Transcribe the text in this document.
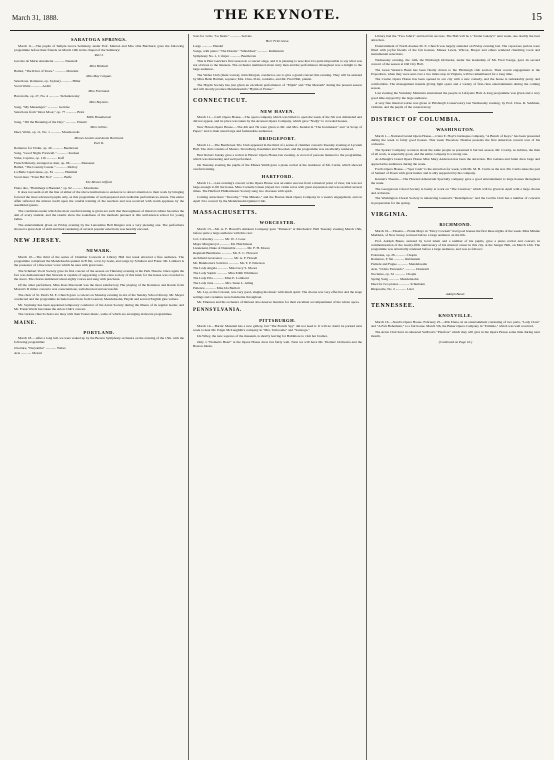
March 31, 1888.	THE KEYNOTE.	15
SARATOGA SPRINGS.
March 11.—The pupils of Temple Grove Seminary, under Prof. Manton and Mrs. Otis Burchard, gave the following programme before their friends on March 10th in the chapel of the Seminary:
Part I.
Gavotte de Marie Antoinette ............ Neustedt
Miss Birdsall.
Ballad, "The River of Years." ............ Marzials
Miss May Colgate.
Selections, Romance, op. 6 (duet) ............ Hiller
Vocal Waltz ............ Arditi
Miss Forehand.
Barcarolle, op. 27, No. 4 ............ Tschaikowsky
Miss Boynton.
Song, "My Messenger." ............ Gericke
Selections from "Once Moor," op. 77 ............ Briot
Edith Broadwood.
Song, "Till the Breaking of the Day." ............ Pinsuti
Miss Gillies.
Duet, Waltz, op. 11, No. 1 ............ Moszkowski
Misses Loomis and Annie Burchard.
Part II.
Romance for Violin, op. 40 ............ Beethoven
Song, "Good Night, Farewell." ............ Kucken
Valse, Caprice, op. 116 ............ Raff
French Melody, arranged as duet, op. 66 ............ Massenet
Ballad, "The Country Lassie." ............ Molloy
La Belle Capricieuse, op. 81 ............ Hummel
Vocal duet, "Trust Her Not" ............ Balfe
The Misses Gifford.
Piano duo, "Hommage à Haendel," op. 92 ............ Moscheles
It does not seem at all the line of either of the above institutions to endeavor to attract attention to their work by bringing forward the most advanced pupils only, as this programme of well-prepared and creditable performances attests. The entire affair reflected the utmost credit upon the careful training of the teachers and was received with warm applause by the assembled guests.
The conditions under which the most careful training is given are such that thoroughness of musical culture becomes the aim of every student, and the results show the soundness of the methods pursued at this well-known school for young ladies.
The entertainment given on Friday evening by the Lancashire Bell Ringers was a very pleasing one. The performers showed a great deal of skill and their rendering of several popular selections was heartily encored.
NEW JERSEY.
NEWARK.
March 10.—The third of the series of Chamber Concerts at Library Hall last week attracted a fine audience. The programme comprised the Mendelssohn quintet in B flat, a trio by Gade, and songs by Schubert and Franz. Mr. Lambert is the possessor of a fine tenor voice which he uses with great taste.
The Schubert Vocal Society gave its first concert of the season on Thursday evening at the Park Theatre. Once again the fact was demonstrated that Newark is capable of supporting a first-class society of this kind, for the house was crowded to the doors. The chorus numbered about eighty voices and sang with precision.
Of the other performers, Miss Ross Maconald was the most satisfactory. Her playing of the Romance and Rondo from Mozart's D minor concerto was conscientious, well-directed and successful.
The choir of St. Paul's M. E. Church gave a concert on Monday evening in aid of the Sunday School library. Mr. Meyer conducted and the programme included selections from Gounod, Mendelssohn, Haydn and several English glee writers.
Mr. Sayinsky has been appointed temporary conductor of the Arion Society during the illness of its regular leader, and Mr. Frank Wards has taken the Arion Club's concert.
The various church choirs are busy with their Easter music, some of which are arranging elaborate programmes.
MAINE.
PORTLAND.
March 18.—After a long lull, we were waked up by the Boston Symphony orchestra on the evening of the 15th, with the following programme:
Overture, "Euryanthe" ............ Weber
Aria ............ Mozart
Solo for 'cello, "Le Desir." ............ Servais
Herr Fritz Giese.
Largo ............ Handel
Songs, with piano: "The Dream," "Ständchen" ............ Rubinstein
Symphony No. 1, C major ............ Beethoven
This is Herr Gericke's first season in a concert stage, and it is pleasing to note that it is quite impossible to say what was not obvious to the listeners. The orchestra numbered about sixty men and the performance throughout was a delight to the large audience.
The Weber Club (male voices), John Morgan, conductor, are to give a grand concert this evening. They will be assisted by Miss Belle Bartlett, soprano; Mrs. Chas. Pratt, contralto, and Mr. Fred Hall, pianist.
The Haydn Society has just given an excellent performance of "Elijah" and "The Messiah" during the present season and will shortly produce Mendelssohn's "Hymn of Praise."
CONNECTICUT.
NEW HAVEN.
March 11.—Carll Opera House.—The opera company which was billed to open the week of the 5th was disbanded and did not appear, and its place was taken by the Aronson Opera Company, which gave "Nadjy" to crowded houses.
New Haven Opera House.—The 4th and 7th were given to Mr. and Mrs. Kendal in "The Ironmaster" and "A Scrap of Paper," and to their usual large and fashionable audiences.
BRIDGEPORT.
March 11.—The Beethoven Trio Club appeared in the third of a series of chamber concerts Tuesday evening at Lyceum Hall. The club consists of Messrs. Strondberg, Kaemmer and Stoeckel, and the programme was excellently rendered.
Herr Robert Jonsky gave a recital at Hawes' Opera House last evening. A crowd of persons listened to the programme, which was interesting and well performed.
On Tuesday evening the pupils of the Misses Smith gave a piano recital at the residence of Mr. Curtis, which showed careful training.
HARTFORD.
March 11.—Last evening's concert at the Opera House was an entire success from a musical point of view, but was not large enough to fill the house. Miss Cornelia Unsen played two violin solos with great expression and was recalled several times. The Hartford Philharmonic Society sang two choruses with spirit.
Coming attractions: "Dorothy," "The Mikado," and the Boston Ideal Opera Company in a week's engagement, and on April 3d a concert by the Mendelssohn Quintet Club.
MASSACHUSETTS.
WORCESTER.
March 13.—Mr. A. F. Howell's Amateur Company gave "Patience" at Mechanics' Hall Tuesday evening March 13th, before quite a large audience with this cast:
Col. Calverley ............ Mr. W. J. Goss
Major Murgatroyd ............ Mr. Hutchinson
Lieutenant, Duke of Dunstable ............ Mr. F. H. Moore
Reginald Bunthorne ............ Mr. E. C. Howard
Archibald Grosvenor ............ Mr. A. F. Howell
Mr. Bunthorne's Solicitor ............ Mr. T. P. Emerson
The Lady Angela ............ Miss Lucy S. Moore
The Lady Saphir ............ Miss Edith Whitmore
The Lady Ella ............ Miss E. Lombard
The Lady Jane ............ Mrs. Susie L. Alling
Patience ............ Miss Ida Bartlett
Mr. Lay, as the Colonel, was very good, singing his music with much spirit. The chorus was very effective and the stage settings and costumes were handsome throughout.
Mr. Emerson and his orchestra of thirteen also deserve mention for their excellent accompaniment of the whole opera.
PENNSYLVANIA.
PITTSBURGH.
March 14.—Barrie' Museum has a new gallery, but "The French Spy" did not need it. It will no doubt be packed next week to hear Mr. Edgar McLaughlin's company in "Mrs. Tallcoame" and "Saratoga."
Ida Wiley, the new soprano of the museum, is shortly leaving for Baltimore to visit her brother.
Only a "Woman's Heart" at the Opera House drew but fairly well. Next we will have Mr. Thomas' Orchestra and the Boston Ideals.
Library had the "Two John's" and had fair success. The Hall will be a "Under Gaiety's" next week, one doubly the best attraction.
Entertainment of North Avenue M. E. Church was largely attended on Friday evening last. The capacious parlors were filled with joyful friends of the fair hostess. Misses Lewis, Wilcox, Breyer and others rendered charming vocal and instrumental selections.
Wednesday evening, the 14th, the Pittsburgh Orchestra, under the leadership of Mr. Fred Toerge, gave its second concert of the season at Old City Hall.
The Great Western Band has been finally drawn to the Pittsburgh club section. Their recent engagement at the Exposition, when they were sent over a two miles stop in Virginia, will be remembered for a long time.
The Casino Opera House has been opened in our city with a new comedy, and the house is remarkably pretty and comfortable. The management intends giving light opera and a variety of first-class entertainments during the coming season.
Last evening the Swinkley Minstrels entertained the people at Lafayette Hall. A long programme was given and a very good time enjoyed by the large audience.
A very fine musical soirée was given at Pittsburgh Conservatory last Wednesday evening, by Prof. Chas. R. Seidman, violinist, and the pupils of the conservatory.
DISTRICT OF COLUMBIA.
WASHINGTON.
March 1.—National Grand Opera House.—Clara E. Hoyt's burlesque company, "A Bunch of Keys," has been presented during the week to fairly good houses. This week Theodore Thomas presents the first American concert tour of his orchestra.
The Sparks' Company occasion about the same people as presented it but last season. Mr. Crosby, as Grimes, the man of all work, is especially good, and the entire company is a strong one.
At Albaugh's Grand Opera House Miss Mary Anderson has been the attraction. Her Galatea and Juliet drew large and appreciative audiences during the week.
Ford's Opera House.—"Spot Cash" is the attraction for week, with Mr. M. B. Curtis as the star. Mr. Curtis takes the part of Samuel of Posen with great humor and is ably supported by his company.
Kernan's Theatre.—The Howard Athenæum Specialty company gave a good entertainment to large houses throughout the week.
The Georgetown Choral Society is busily at work on "The Creation," which will be given in April with a large chorus and orchestra.
The Washington Choral Society is rehearsing Gounod's "Redemption," and the Cecilia Club has a number of concerts in preparation for the spring.
VIRGINIA.
RICHMOND.
March 16.—Theatre.—Frank Mayo in "Davy Crockett" had good houses the first three nights of the week. Miss Minnie Maddern, of New Jersey, lectured before a large audience on the 6th.
Prof. Adolph Bauer, assisted by local talent and a number of his pupils, gave a piano recital and concert, in commemoration of the twenty-fifth anniversary of his musical career in this city, at the Sanger Hall, on March 12th. The programme was artistically rendered before a large audience, and was as follows:
Polonaise, op. 26 ............ Chopin
Romance, E flat ............ Rubinstein
Prelude and Fugue ............ Mendelssohn
Aria, "O mio Fernando" ............ Donizetti
Nocturne, op. 32 ............ Chopin
Spring Song ............ Mendelssohn
Duet for two pianos ............ Schumann
Rhapsodie, No. 2 ............ Liszt
Adolph Bauer.
TENNESSEE.
KNOXVILLE.
March 16.—Staub's Opera House. February 25.—Mis Elena, in an entertainment consisting of two parts, "Lady Clare" and "A Fair Bohemian," to a fair house. March 5th, the Baker Opera Company in "Erminie," which was well received.
The Arion Club have in rehearsal Sullivan's "Pinafore" which they will give in the Opera House some time during next month.
(Continued on Page 16.)
